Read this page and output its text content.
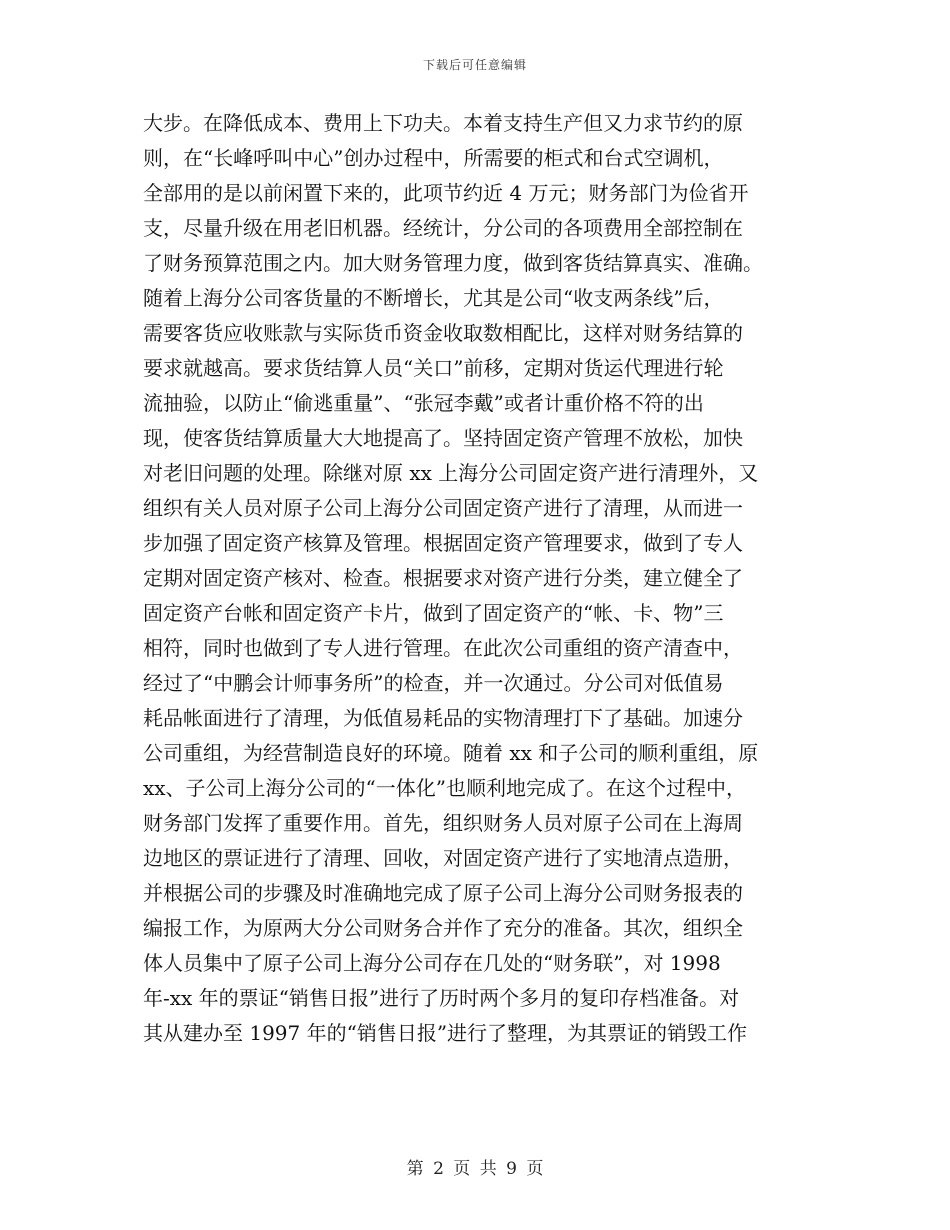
下载后可任意编辑
大步。在降低成本、费用上下功夫。本着支持生产但又力求节约的原
则，在“长峰呼叫中心”创办过程中，所需要的柜式和台式空调机，
全部用的是以前闲置下来的，此项节约近 4 万元；财务部门为俭省开
支，尽量升级在用老旧机器。经统计，分公司的各项费用全部控制在
了财务预算范围之内。加大财务管理力度，做到客货结算真实、准确。
随着上海分公司客货量的不断增长，尤其是公司“收支两条线”后，
需要客货应收账款与实际货币资金收取数相配比，这样对财务结算的
要求就越高。要求货结算人员“关口”前移，定期对货运代理进行轮
流抽验，以防止“偷逃重量”、“张冠李戴”或者计重价格不符的出
现，使客货结算质量大大地提高了。坚持固定资产管理不放松，加快
对老旧问题的处理。除继对原 xx 上海分公司固定资产进行清理外，又
组织有关人员对原子公司上海分公司固定资产进行了清理，从而进一
步加强了固定资产核算及管理。根据固定资产管理要求，做到了专人
定期对固定资产核对、检查。根据要求对资产进行分类，建立健全了
固定资产台帐和固定资产卡片，做到了固定资产的“帐、卡、物”三
相符，同时也做到了专人进行管理。在此次公司重组的资产清查中，
经过了“中鹏会计师事务所”的检查，并一次通过。分公司对低值易
耗品帐面进行了清理，为低值易耗品的实物清理打下了基础。加速分
公司重组，为经营制造良好的环境。随着 xx 和子公司的顺利重组，原
xx、子公司上海分公司的“一体化”也顺利地完成了。在这个过程中，
财务部门发挥了重要作用。首先，组织财务人员对原子公司在上海周
边地区的票证进行了清理、回收，对固定资产进行了实地清点造册，
并根据公司的步骤及时准确地完成了原子公司上海分公司财务报表的
编报工作，为原两大分公司财务合并作了充分的准备。其次，组织全
体人员集中了原子公司上海分公司存在几处的“财务联”，对 1998
年-xx 年的票证“销售日报”进行了历时两个多月的复印存档准备。对
其从建办至 1997 年的“销售日报”进行了整理，为其票证的销毁工作
第 2 页 共 9 页
